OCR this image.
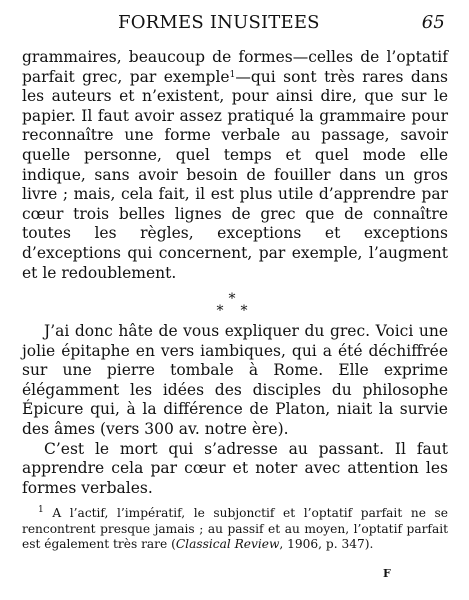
FORMES INUSITEES	65

grammaires, beaucoup de formes—celles de l’optatif parfait grec, par exemple$^1$—qui sont très rares dans les auteurs et n’existent, pour ainsi dire, que sur le papier. Il faut avoir assez pratiqué la grammaire pour reconnaître une forme verbale au passage, savoir quelle personne, quel temps et quel mode elle indique, sans avoir besoin de fouiller dans un gros livre ; mais, cela fait, il est plus utile d’apprendre par cœur trois belles lignes de grec que de connaître toutes les règles, exceptions et exceptions d’exceptions qui concernent, par exemple, l’augment et le redoublement.

*
* *

J’ai donc hâte de vous expliquer du grec. Voici une jolie épitaphe en vers iambiques, qui a été déchiffrée sur une pierre tombale à Rome. Elle exprime élégamment les idées des disciples du philosophe Épicure qui, à la différence de Platon, niait la survie des âmes (vers 300 av. notre ère).

C’est le mort qui s’adresse au passant. Il faut apprendre cela par cœur et noter avec attention les formes verbales.

$^1$ A l’actif, l’impératif, le subjonctif et l’optatif parfait ne se rencontrent presque jamais ; au passif et au moyen, l’optatif parfait est également très rare (Classical Review, 1906, p. 347).

F
